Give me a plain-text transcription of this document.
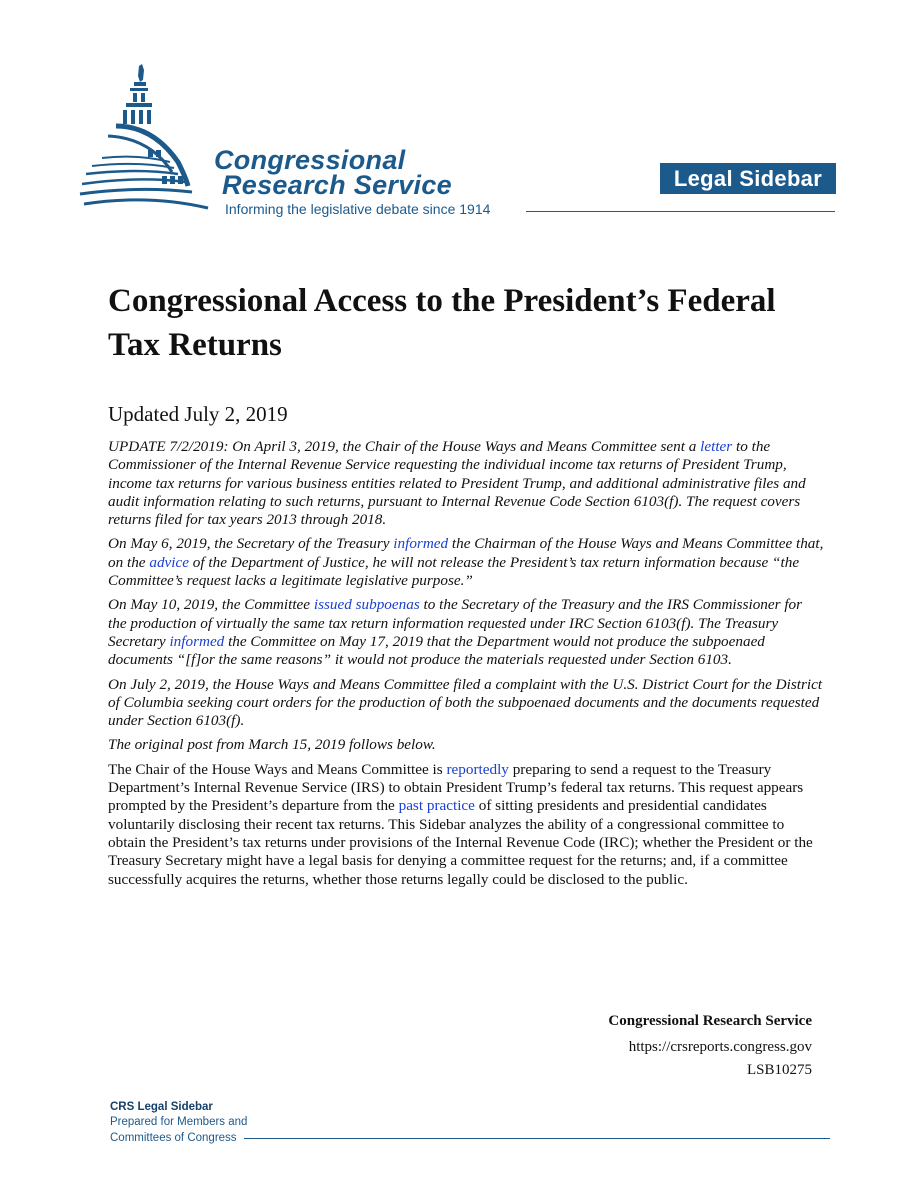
Congressional
Research Service
Informing the legislative debate since 1914
Legal Sidebar
Congressional Access to the President’s Federal Tax Returns
Updated July 2, 2019

UPDATE 7/2/2019: On April 3, 2019, the Chair of the House Ways and Means Committee sent a letter to the Commissioner of the Internal Revenue Service requesting the individual income tax returns of President Trump, income tax returns for various business entities related to President Trump, and additional administrative files and audit information relating to such returns, pursuant to Internal Revenue Code Section 6103(f). The request covers returns filed for tax years 2013 through 2018.

On May 6, 2019, the Secretary of the Treasury informed the Chairman of the House Ways and Means Committee that, on the advice of the Department of Justice, he will not release the President’s tax return information because “the Committee’s request lacks a legitimate legislative purpose.”

On May 10, 2019, the Committee issued subpoenas to the Secretary of the Treasury and the IRS Commissioner for the production of virtually the same tax return information requested under IRC Section 6103(f). The Treasury Secretary informed the Committee on May 17, 2019 that the Department would not produce the subpoenaed documents “[f]or the same reasons” it would not produce the materials requested under Section 6103.

On July 2, 2019, the House Ways and Means Committee filed a complaint with the U.S. District Court for the District of Columbia seeking court orders for the production of both the subpoenaed documents and the documents requested under Section 6103(f).

The original post from March 15, 2019 follows below.

The Chair of the House Ways and Means Committee is reportedly preparing to send a request to the Treasury Department’s Internal Revenue Service (IRS) to obtain President Trump’s federal tax returns. This request appears prompted by the President’s departure from the past practice of sitting presidents and presidential candidates voluntarily disclosing their recent tax returns. This Sidebar analyzes the ability of a congressional committee to obtain the President’s tax returns under provisions of the Internal Revenue Code (IRC); whether the President or the Treasury Secretary might have a legal basis for denying a committee request for the returns; and, if a committee successfully acquires the returns, whether those returns legally could be disclosed to the public.

Congressional Research Service
https://crsreports.congress.gov
LSB10275
CRS Legal Sidebar
Prepared for Members and
Committees of Congress
